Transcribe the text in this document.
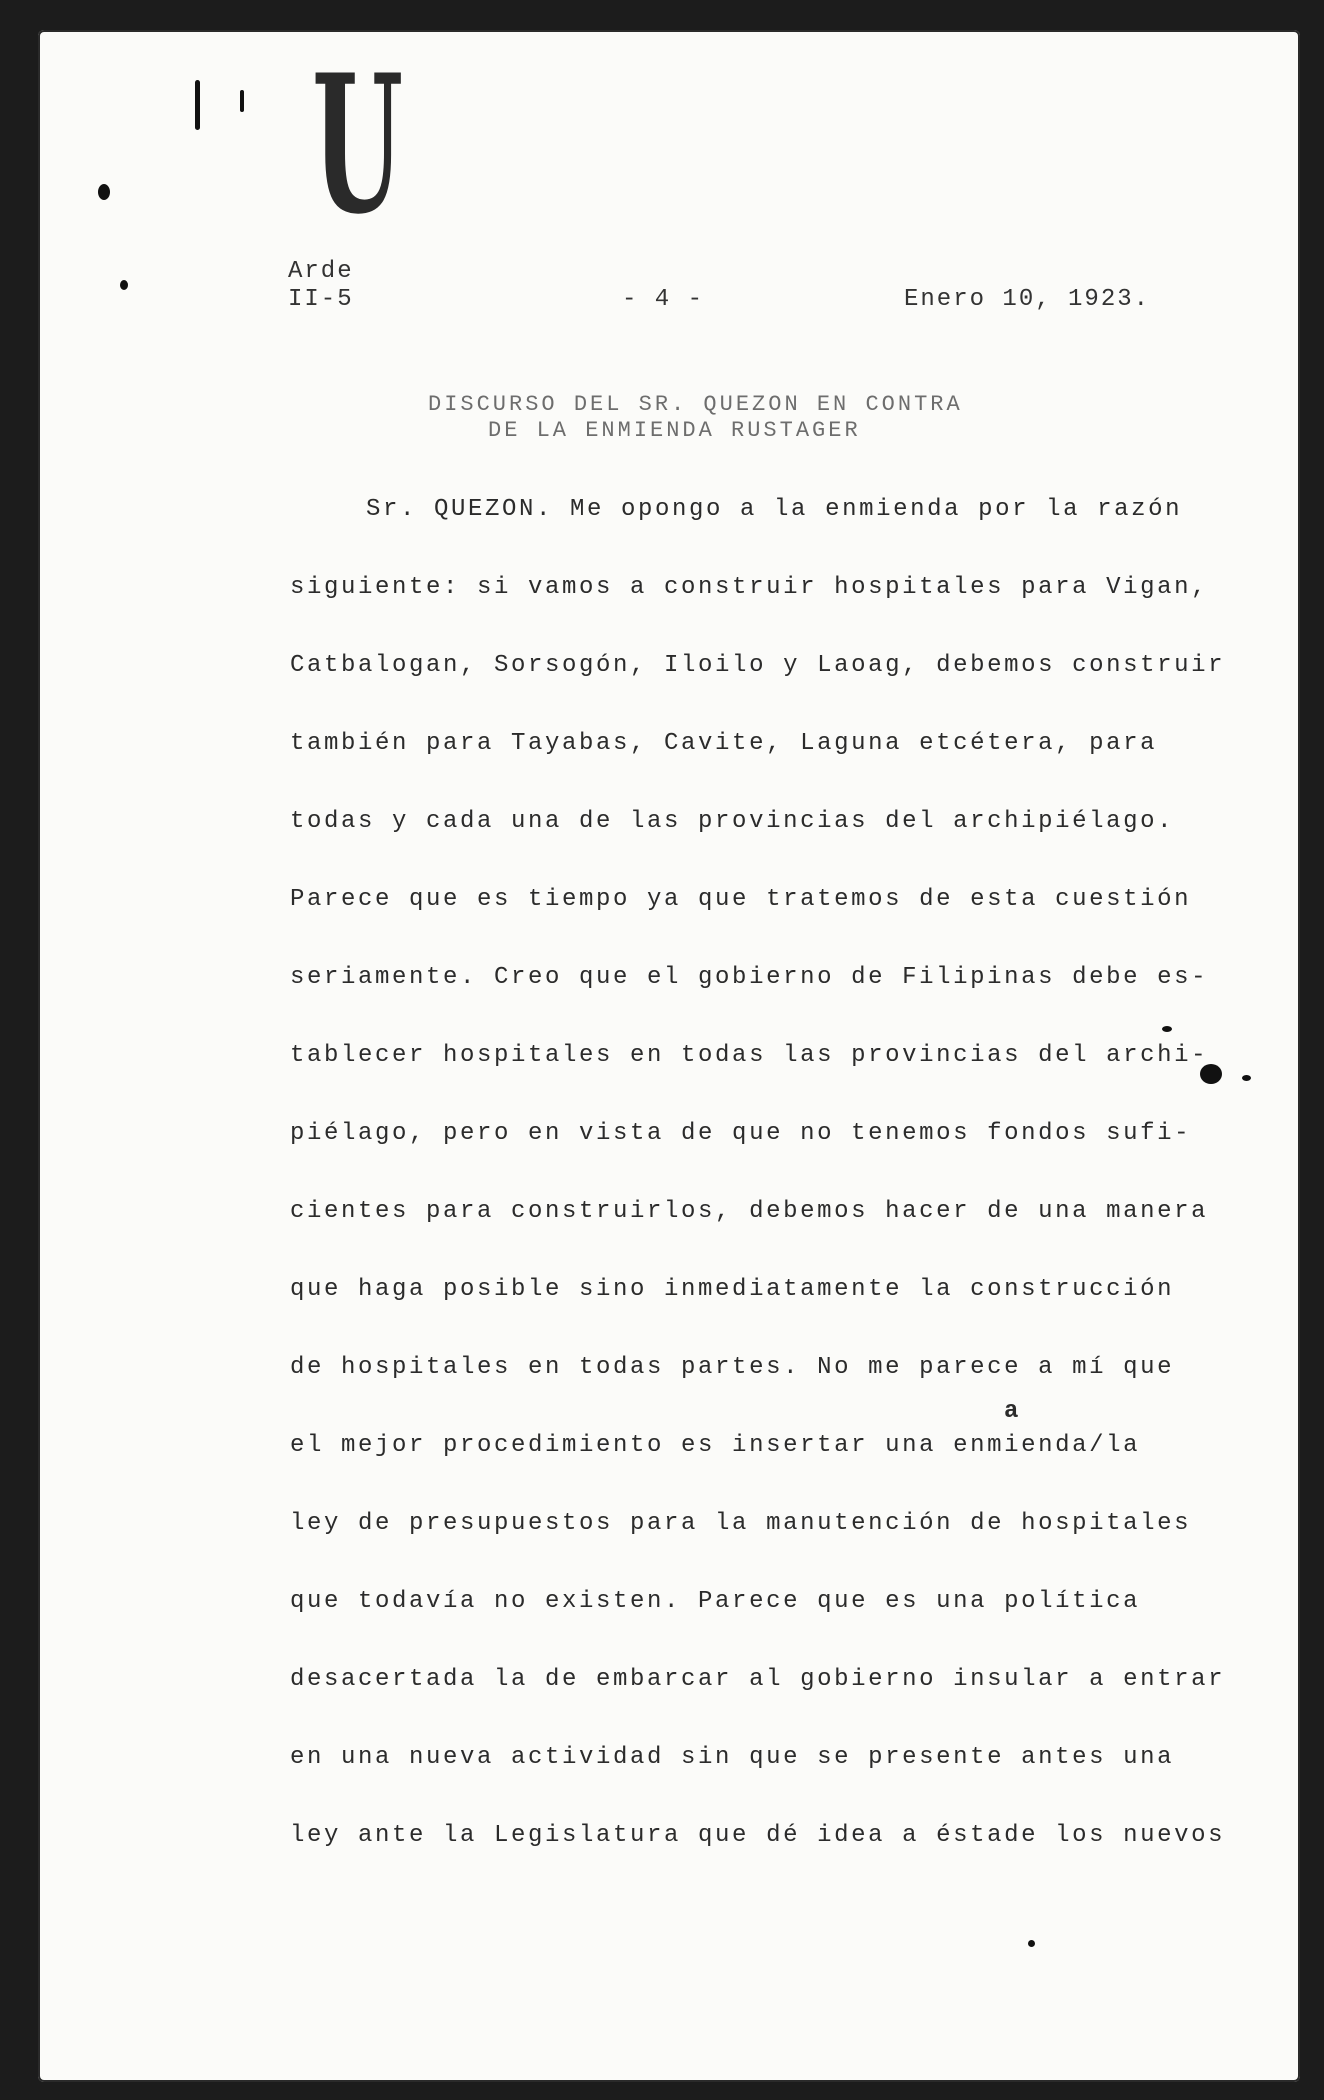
U
Arde
II-5	- 4 -	Enero 10, 1923.
DISCURSO DEL SR. QUEZON EN CONTRA
DE LA ENMIENDA RUSTAGER
Sr. QUEZON. Me opongo a la enmienda por la razón
siguiente: si vamos a construir hospitales para Vigan,
Catbalogan, Sorsogón, Iloilo y Laoag, debemos construir
también para Tayabas, Cavite, Laguna etcétera, para
todas y cada una de las provincias del archipiélago.
Parece que es tiempo ya que tratemos de esta cuestión
seriamente. Creo que el gobierno de Filipinas debe es-
tablecer hospitales en todas las provincias del archi-
piélago, pero en vista de que no tenemos fondos sufi-
cientes para construirlos, debemos hacer de una manera
que haga posible sino inmediatamente la construcción
de hospitales en todas partes. No me parece a mí que
a
el mejor procedimiento es insertar una enmienda/la
ley de presupuestos para la manutención de hospitales
que todavía no existen. Parece que es una política
desacertada la de embarcar al gobierno insular a entrar
en una nueva actividad sin que se presente antes una
ley ante la Legislatura que dé idea a éstade los nuevos
